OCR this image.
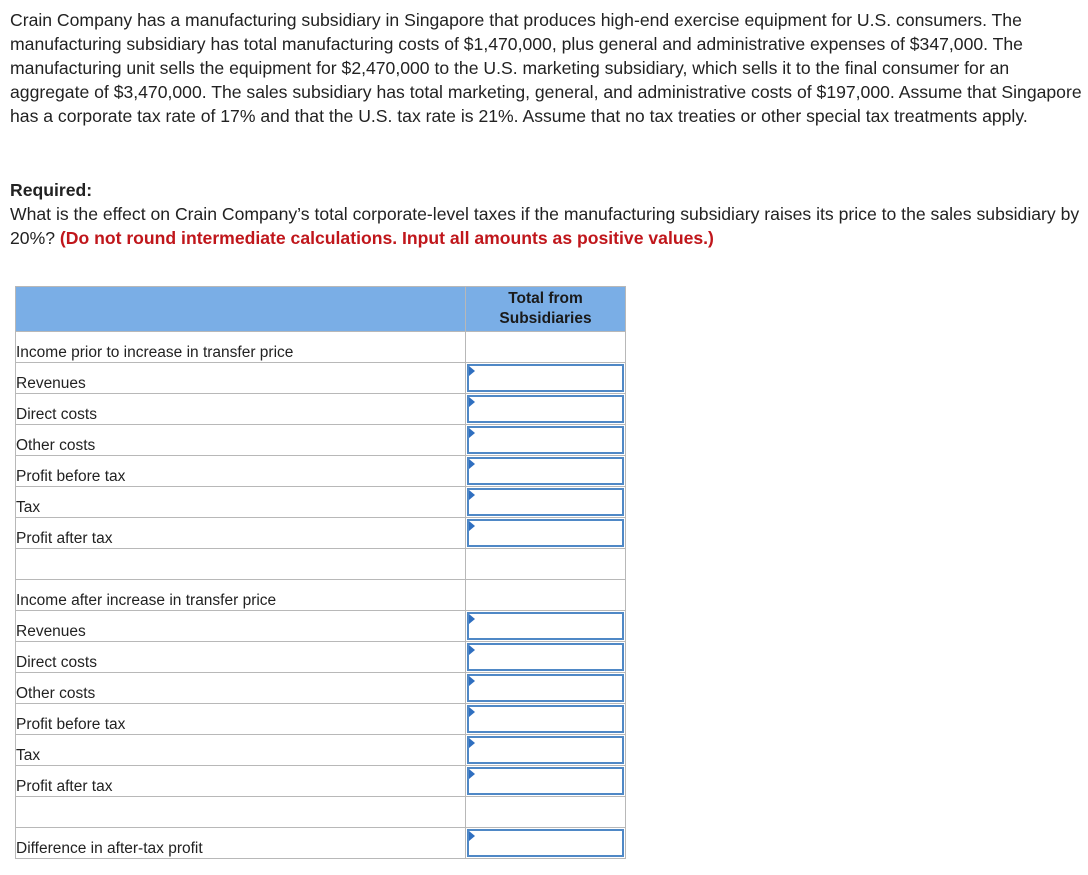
Crain Company has a manufacturing subsidiary in Singapore that produces high-end exercise equipment for U.S. consumers. The manufacturing subsidiary has total manufacturing costs of $1,470,000, plus general and administrative expenses of $347,000. The manufacturing unit sells the equipment for $2,470,000 to the U.S. marketing subsidiary, which sells it to the final consumer for an aggregate of $3,470,000. The sales subsidiary has total marketing, general, and administrative costs of $197,000. Assume that Singapore has a corporate tax rate of 17% and that the U.S. tax rate is 21%. Assume that no tax treaties or other special tax treatments apply.
Required:
What is the effect on Crain Company’s total corporate-level taxes if the manufacturing subsidiary raises its price to the sales subsidiary by 20%? (Do not round intermediate calculations. Input all amounts as positive values.)
	Total from Subsidiaries
Income prior to increase in transfer price	
Revenues	

Direct costs	

Other costs	

Profit before tax	

Tax	

Profit after tax	

Income after increase in transfer price	
Revenues	

Direct costs	

Other costs	

Profit before tax	

Tax	

Profit after tax	

Difference in after-tax profit	
